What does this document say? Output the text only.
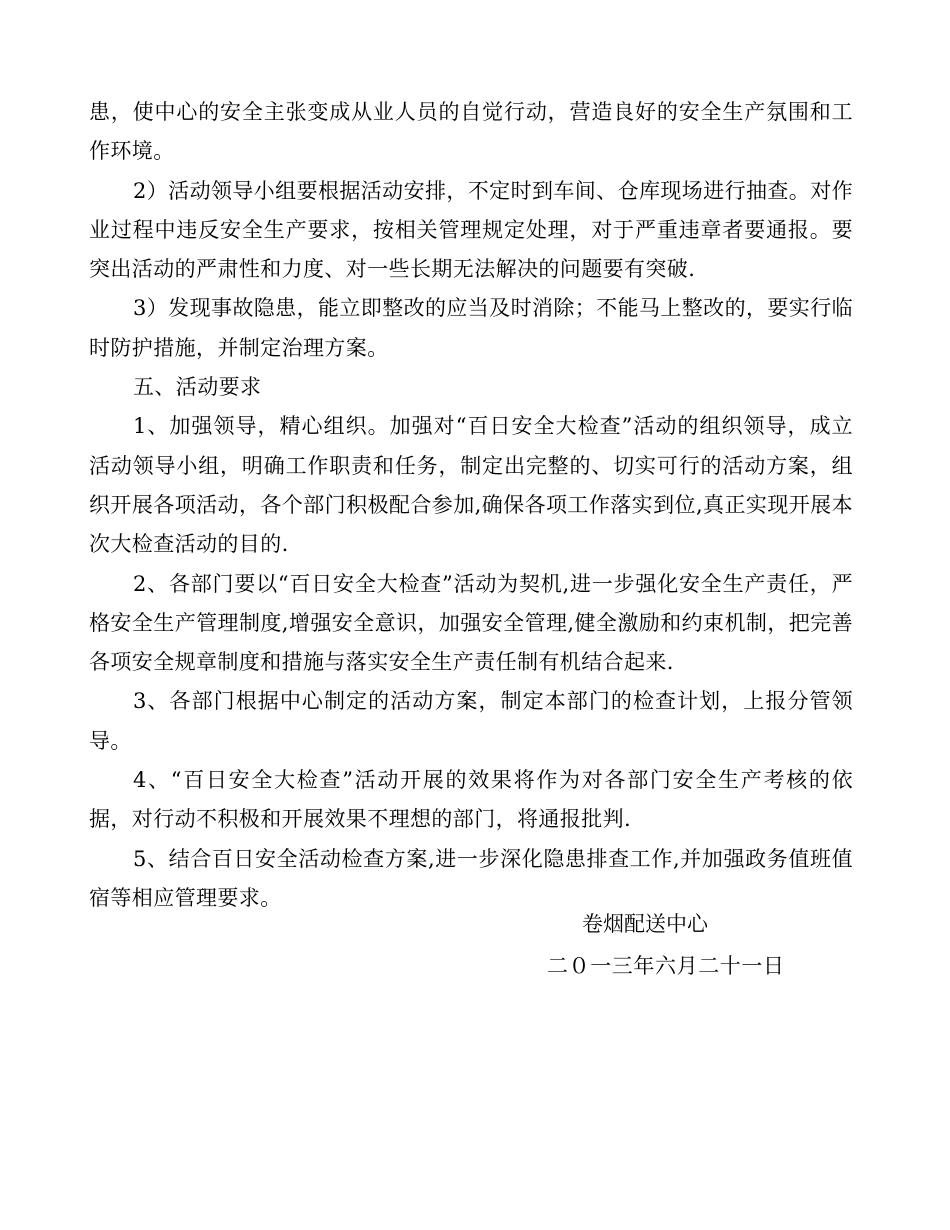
患，使中心的安全主张变成从业人员的自觉行动，营造良好的安全生产氛围和工作环境。

2）活动领导小组要根据活动安排，不定时到车间、仓库现场进行抽查。对作业过程中违反安全生产要求，按相关管理规定处理，对于严重违章者要通报。要突出活动的严肃性和力度、对一些长期无法解决的问题要有突破.

3）发现事故隐患，能立即整改的应当及时消除；不能马上整改的，要实行临时防护措施，并制定治理方案。

五、活动要求

1、加强领导，精心组织。加强对“百日安全大检查”活动的组织领导，成立活动领导小组，明确工作职责和任务，制定出完整的、切实可行的活动方案，组织开展各项活动，各个部门积极配合参加,确保各项工作落实到位,真正实现开展本次大检查活动的目的.

2、各部门要以“百日安全大检查”活动为契机,进一步强化安全生产责任，严格安全生产管理制度,增强安全意识，加强安全管理,健全激励和约束机制，把完善各项安全规章制度和措施与落实安全生产责任制有机结合起来.

3、各部门根据中心制定的活动方案，制定本部门的检查计划，上报分管领导。

4、“百日安全大检查”活动开展的效果将作为对各部门安全生产考核的依据，对行动不积极和开展效果不理想的部门，将通报批判.

5、结合百日安全活动检查方案,进一步深化隐患排查工作,并加强政务值班值宿等相应管理要求。

卷烟配送中心
二０一三年六月二十一日
